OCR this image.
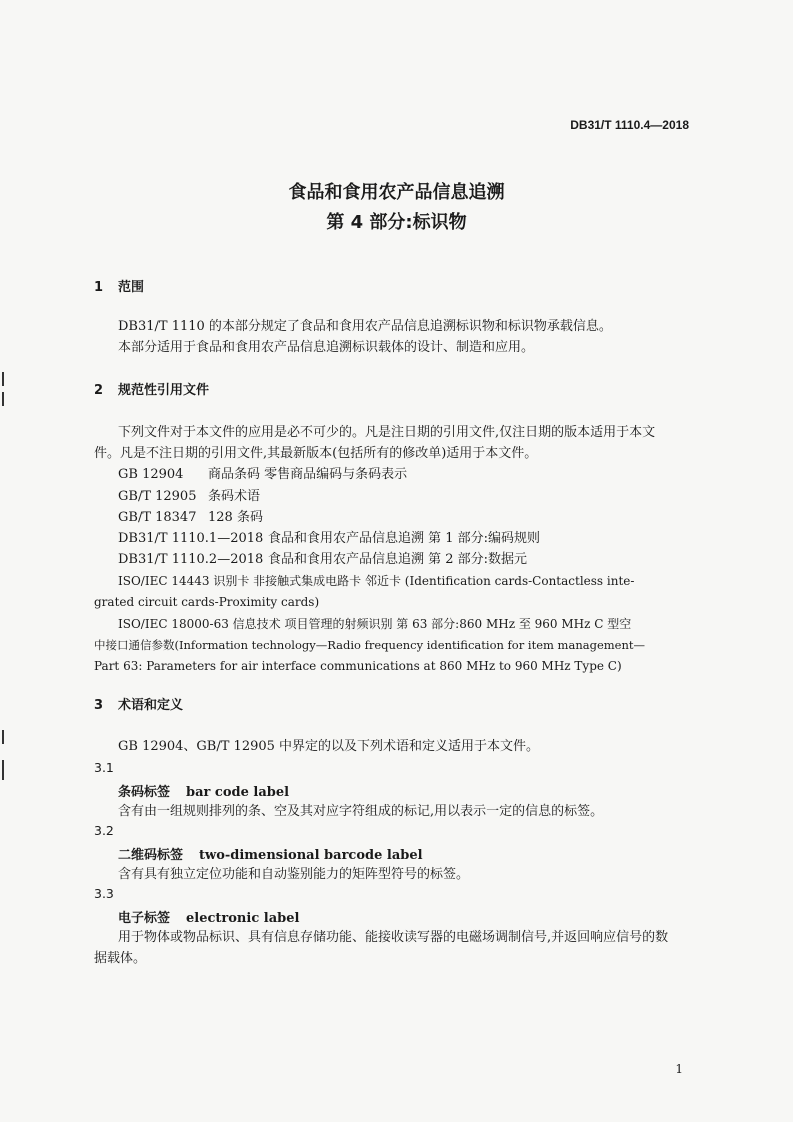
DB31/T 1110.4—2018
食品和食用农产品信息追溯
第 4 部分:标识物
1 范围
DB31/T 1110 的本部分规定了食品和食用农产品信息追溯标识物和标识物承载信息。
本部分适用于食品和食用农产品信息追溯标识载体的设计、制造和应用。
2 规范性引用文件
下列文件对于本文件的应用是必不可少的。凡是注日期的引用文件,仅注日期的版本适用于本文
件。凡是不注日期的引用文件,其最新版本(包括所有的修改单)适用于本文件。
GB 12904 商品条码 零售商品编码与条码表示
GB/T 12905 条码术语
GB/T 18347 128 条码
DB31/T 1110.1—2018 食品和食用农产品信息追溯 第 1 部分:编码规则
DB31/T 1110.2—2018 食品和食用农产品信息追溯 第 2 部分:数据元
ISO/IEC 14443 识别卡 非接触式集成电路卡 邻近卡 (Identification cards-Contactless inte-
grated circuit cards-Proximity cards)
ISO/IEC 18000-63 信息技术 项目管理的射频识别 第 63 部分:860 MHz 至 960 MHz C 型空
中接口通信参数(Information technology—Radio frequency identification for item management—
Part 63: Parameters for air interface communications at 860 MHz to 960 MHz Type C)
3 术语和定义
GB 12904、GB/T 12905 中界定的以及下列术语和定义适用于本文件。
3.1
条码标签 bar code label
含有由一组规则排列的条、空及其对应字符组成的标记,用以表示一定的信息的标签。
3.2
二维码标签 two-dimensional barcode label
含有具有独立定位功能和自动鉴别能力的矩阵型符号的标签。
3.3
电子标签 electronic label
用于物体或物品标识、具有信息存储功能、能接收读写器的电磁场调制信号,并返回响应信号的数
据载体。
1
